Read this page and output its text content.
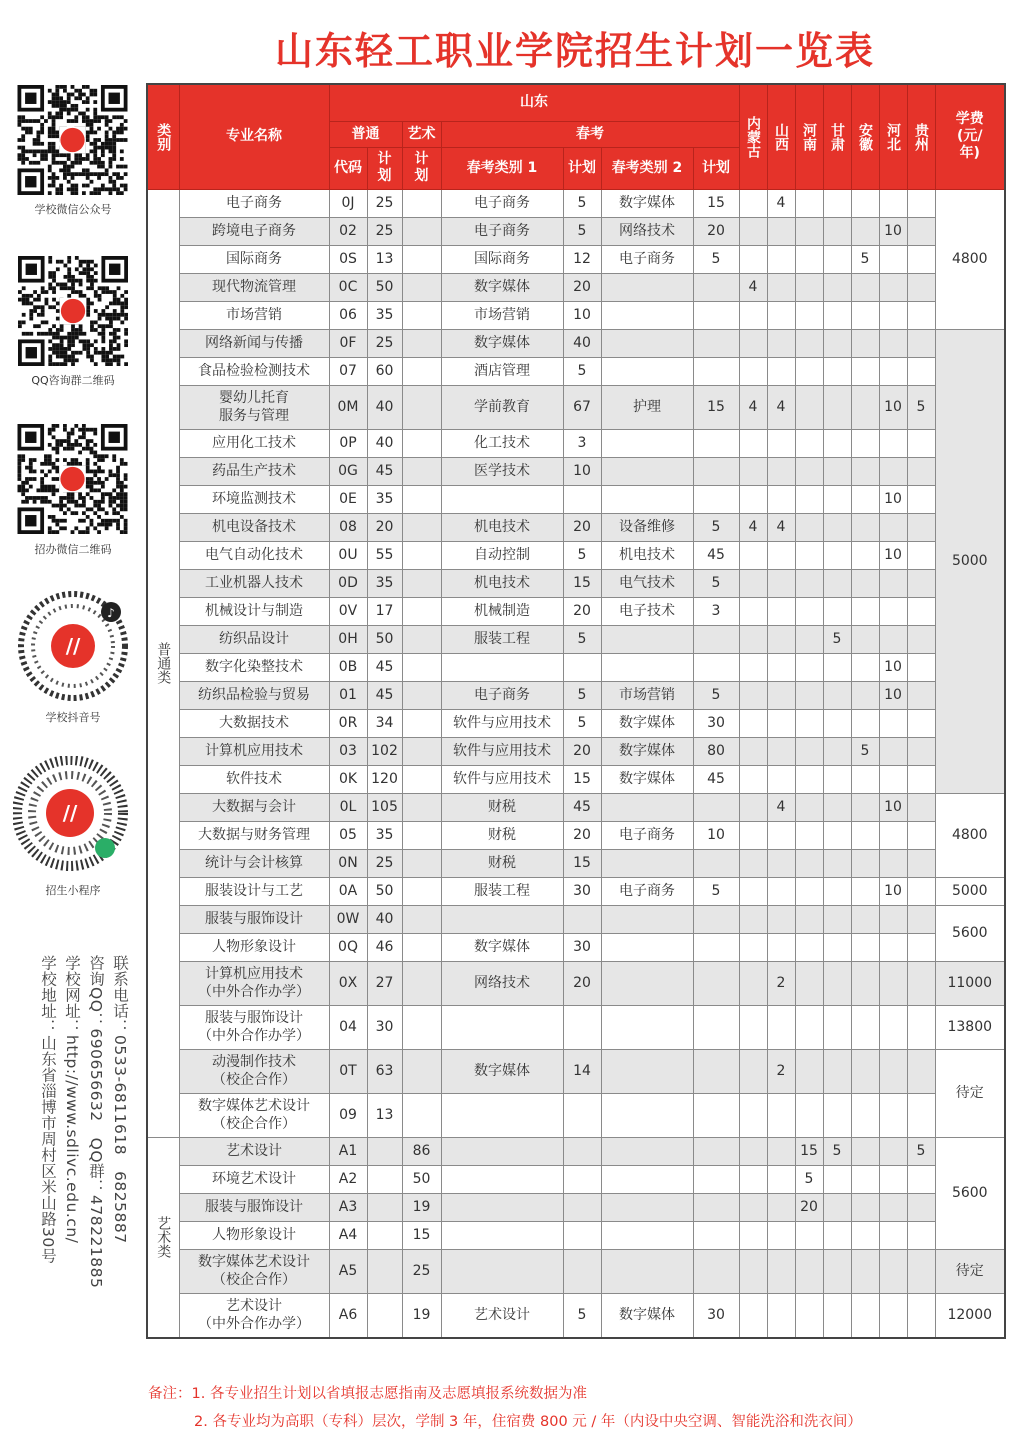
山东轻工职业学院招生计划一览表
学校微信公众号
QQ咨询群二维码
招办微信二维码
//
♪
学校抖音号
//
招生小程序
联系电话：0533-6811618　6825887
咨询QQ：690656632　QQ群：478221885
学校网址：http://www.sdlivc.edu.cn/
学校地址：山东省淄博市周村区米山路30号
类别	专业名称	山东							内蒙古	山西	河南	甘肃	安徽	河北	贵州	学费(元/年)
		普通		艺术	春考											
		代码	计划	计划	春考类别 1	计划	春考类别 2	计划								
普通类	电子商务	0J	25		电子商务	5	数字媒体	15		4						4800
	跨境电子商务	02	25		电子商务	5	网络技术	20						10		
	国际商务	0S	13		国际商务	12	电子商务	5					5			
	现代物流管理	0C	50		数字媒体	20			4							
	市场营销	06	35		市场营销	10										
	网络新闻与传播	0F	25		数字媒体	40										5000
	食品检验检测技术	07	60		酒店管理	5										
	婴幼儿托育
服务与管理	0M	40		学前教育	67	护理	15	4	4				10	5	
	应用化工技术	0P	40		化工技术	3										
	药品生产技术	0G	45		医学技术	10										
	环境监测技术	0E	35											10		
	机电设备技术	08	20		机电技术	20	设备维修	5	4	4						
	电气自动化技术	0U	55		自动控制	5	机电技术	45						10		
	工业机器人技术	0D	35		机电技术	15	电气技术	5								
	机械设计与制造	0V	17		机械制造	20	电子技术	3								
	纺织品设计	0H	50		服装工程	5						5				
	数字化染整技术	0B	45											10		
	纺织品检验与贸易	01	45		电子商务	5	市场营销	5						10		
	大数据技术	0R	34		软件与应用技术	5	数字媒体	30								
	计算机应用技术	03	102		软件与应用技术	20	数字媒体	80					5			
	软件技术	0K	120		软件与应用技术	15	数字媒体	45								
	大数据与会计	0L	105		财税	45				4				10		4800
	大数据与财务管理	05	35		财税	20	电子商务	10								
	统计与会计核算	0N	25		财税	15										
	服装设计与工艺	0A	50		服装工程	30	电子商务	5						10		5000
	服装与服饰设计	0W	40													5600
	人物形象设计	0Q	46		数字媒体	30										
	计算机应用技术
（中外合作办学）	0X	27		网络技术	20				2						11000
	服装与服饰设计
（中外合作办学）	04	30													13800
	动漫制作技术
（校企合作）	0T	63		数字媒体	14				2						待定
	数字媒体艺术设计
（校企合作）	09	13													
艺术类	艺术设计	A1		86							15	5			5	5600
	环境艺术设计	A2		50							5					
	服装与服饰设计	A3		19							20					
	人物形象设计	A4		15												
	数字媒体艺术设计
（校企合作）	A5		25												待定
	艺术设计
（中外合作办学）	A6		19	艺术设计	5	数字媒体	30								12000
备注：1. 各专业招生计划以省填报志愿指南及志愿填报系统数据为准
2. 各专业均为高职（专科）层次，学制 3 年，住宿费 800 元 / 年（内设中央空调、智能洗浴和洗衣间）
